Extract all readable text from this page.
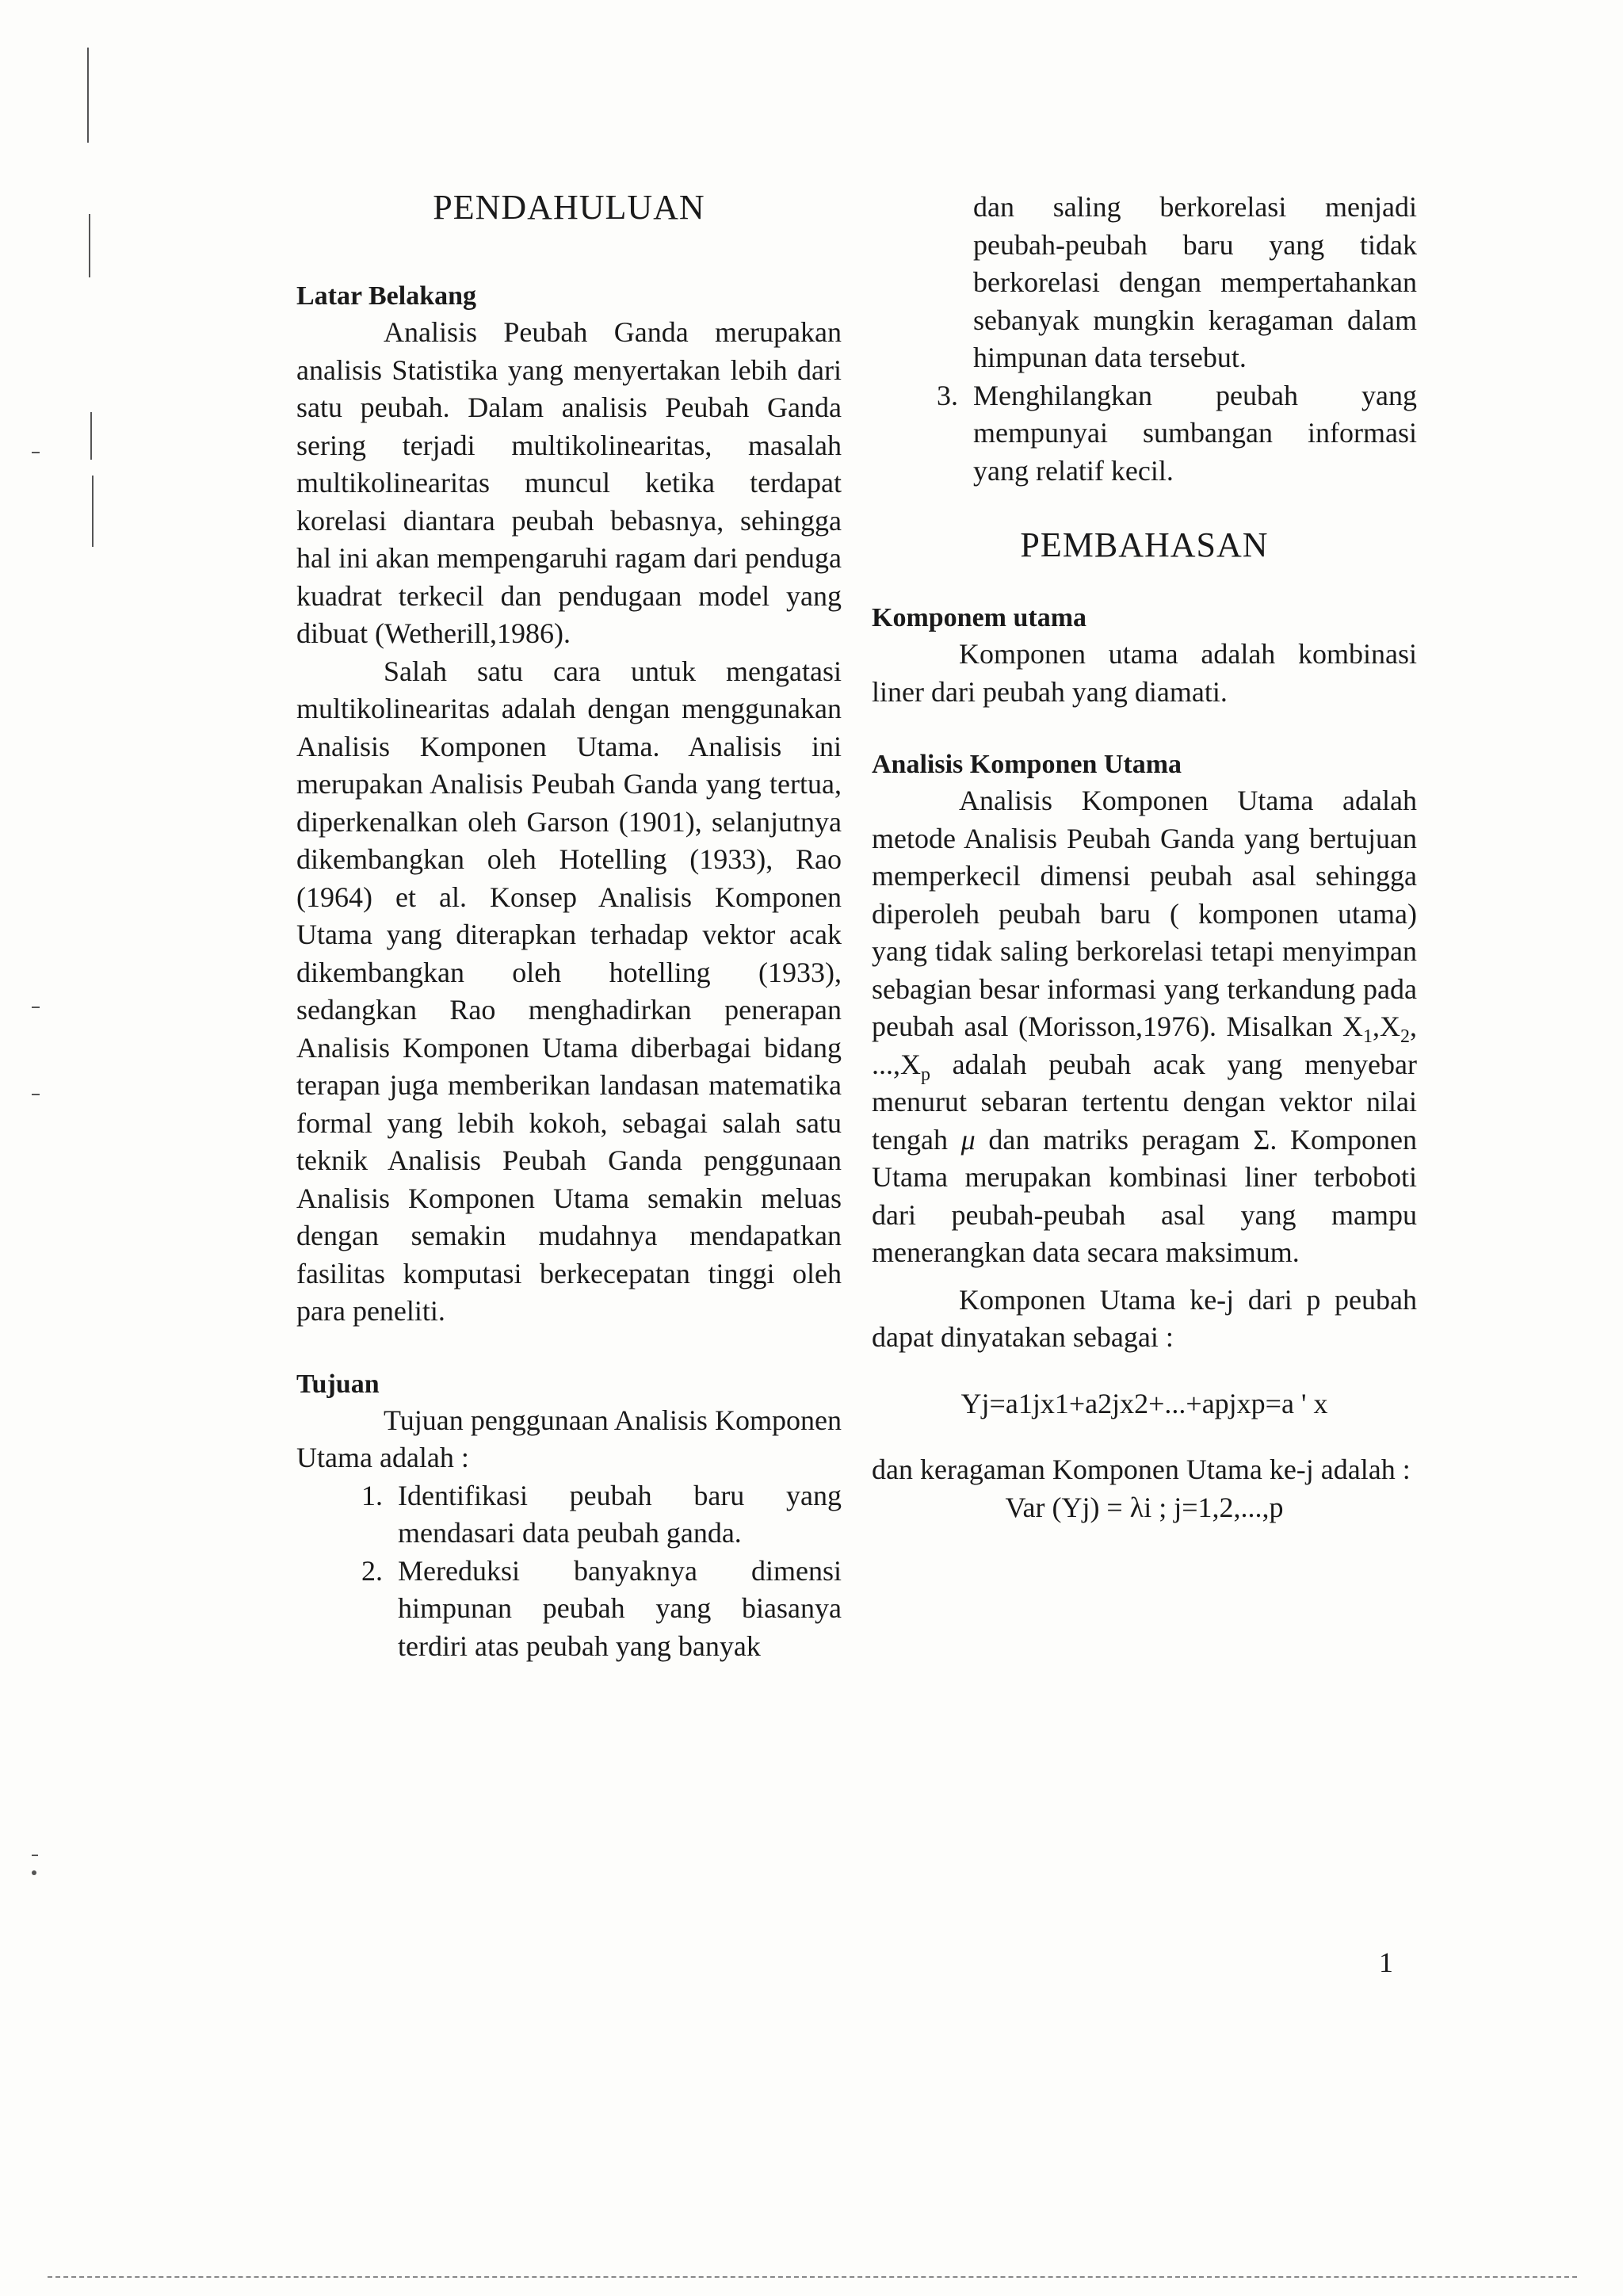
PENDAHULUAN
Latar Belakang

Analisis Peubah Ganda merupakan analisis Statistika yang menyertakan lebih dari satu peubah. Dalam analisis Peubah Ganda sering terjadi multikolinearitas, masalah multikolinearitas muncul ketika terdapat korelasi diantara peubah bebasnya, sehingga hal ini akan mempengaruhi ragam dari penduga kuadrat terkecil dan pendugaan model yang dibuat (Wetherill,1986).

Salah satu cara untuk mengatasi multikolinearitas adalah dengan menggunakan Analisis Komponen Utama. Analisis ini merupakan Analisis Peubah Ganda yang tertua, diperkenalkan oleh Garson (1901), selanjutnya dikembangkan oleh Hotelling (1933), Rao (1964) et al. Konsep Analisis Komponen Utama yang diterapkan terhadap vektor acak dikembangkan oleh hotelling (1933), sedangkan Rao menghadirkan penerapan Analisis Komponen Utama diberbagai bidang terapan juga memberikan landasan matematika formal yang lebih kokoh, sebagai salah satu teknik Analisis Peubah Ganda penggunaan Analisis Komponen Utama semakin meluas dengan semakin mudahnya mendapatkan fasilitas komputasi berkecepatan tinggi oleh para peneliti.

Tujuan

Tujuan penggunaan Analisis Komponen Utama adalah :

1. Identifikasi peubah baru yang mendasari data peubah ganda.
2. Mereduksi banyaknya dimensi himpunan peubah yang biasanya terdiri atas peubah yang banyak

dan saling berkorelasi menjadi peubah-peubah baru yang tidak berkorelasi dengan mempertahankan sebanyak mungkin keragaman dalam himpunan data tersebut.

3. Menghilangkan peubah yang mempunyai sumbangan informasi yang relatif kecil.
PEMBAHASAN
Komponem utama

Komponen utama adalah kombinasi liner dari peubah yang diamati.

Analisis Komponen Utama

Analisis Komponen Utama adalah metode Analisis Peubah Ganda yang bertujuan memperkecil dimensi peubah asal sehingga diperoleh peubah baru ( komponen utama) yang tidak saling berkorelasi tetapi menyimpan sebagian besar informasi yang terkandung pada peubah asal (Morisson,1976). Misalkan $X_1,X_2$, $...,X_p$ adalah peubah acak yang menyebar menurut sebaran tertentu dengan vektor nilai tengah μ dan matriks peragam Σ. Komponen Utama merupakan kombinasi liner terboboti dari peubah-peubah asal yang mampu menerangkan data secara maksimum.

Komponen Utama ke-j dari p peubah dapat dinyatakan sebagai :

Yj=a1jx1+a2jx2+...+apjxp=a ' x

dan keragaman Komponen Utama ke-j adalah :

Var (Yj) = λi ; j=1,2,...,p
1
